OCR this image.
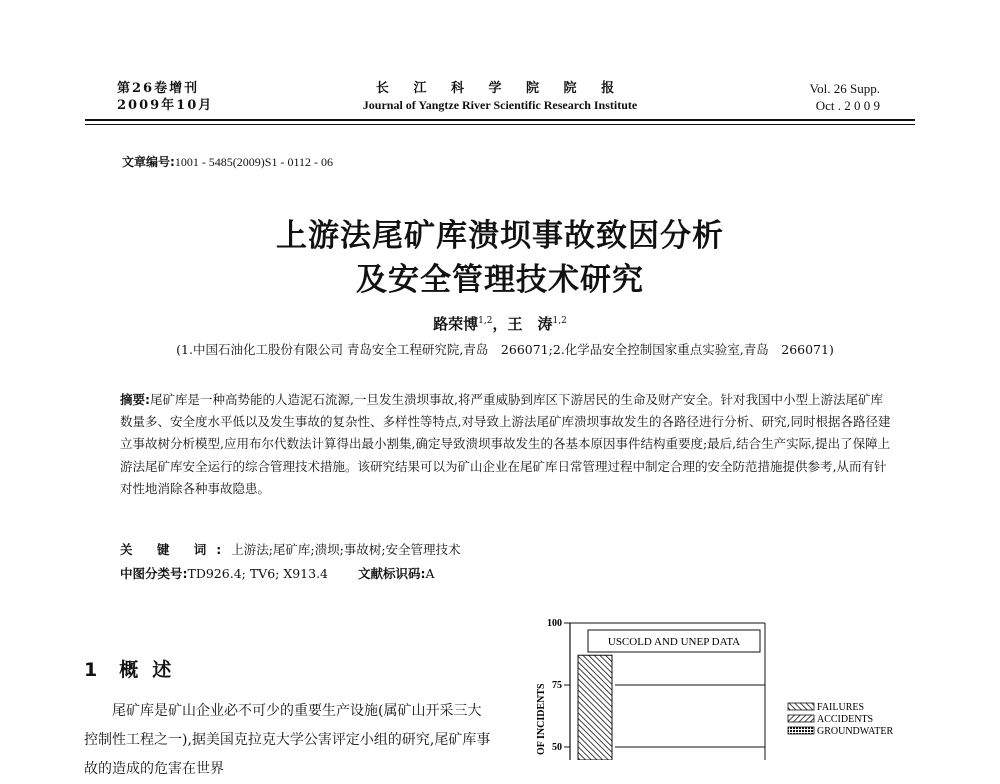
第26卷增刊
2009年10月
长 江 科 学 院 院 报
Journal of Yangtze River Scientific Research Institute
Vol. 26 Supp.
Oct . 2 0 0 9
文章编号:1001 - 5485(2009)S1 - 0112 - 06
上游法尾矿库溃坝事故致因分析
及安全管理技术研究
路荣博$^{1,2}$，王　涛$^{1,2}$
(1.中国石油化工股份有限公司 青岛安全工程研究院,青岛　266071;2.化学品安全控制国家重点实验室,青岛　266071)
摘要:尾矿库是一种高势能的人造泥石流源,一旦发生溃坝事故,将严重威胁到库区下游居民的生命及财产安全。针对我国中小型上游法尾矿库数量多、安全度水平低以及发生事故的复杂性、多样性等特点,对导致上游法尾矿库溃坝事故发生的各路径进行分析、研究,同时根据各路径建立事故树分析模型,应用布尔代数法计算得出最小割集,确定导致溃坝事故发生的各基本原因事件结构重要度;最后,结合生产实际,提出了保障上游法尾矿库安全运行的综合管理技术措施。该研究结果可以为矿山企业在尾矿库日常管理过程中制定合理的安全防范措施提供参考,从而有针对性地消除各种事故隐患。
关 键 词:上游法;尾矿库;溃坝;事故树;安全管理技术
中图分类号:TD926.4; TV6; X913.4 文献标识码:A
1 概述

尾矿库是矿山企业必不可少的重要生产设施(属矿山开采三大控制性工程之一),据美国克拉克大学公害评定小组的研究,尾矿库事故的造成的危害在世界

100
75
50
USCOLD AND UNEP DATA
OF INCIDENTS	FAILURES
ACCIDENTS
GROUNDWATER
